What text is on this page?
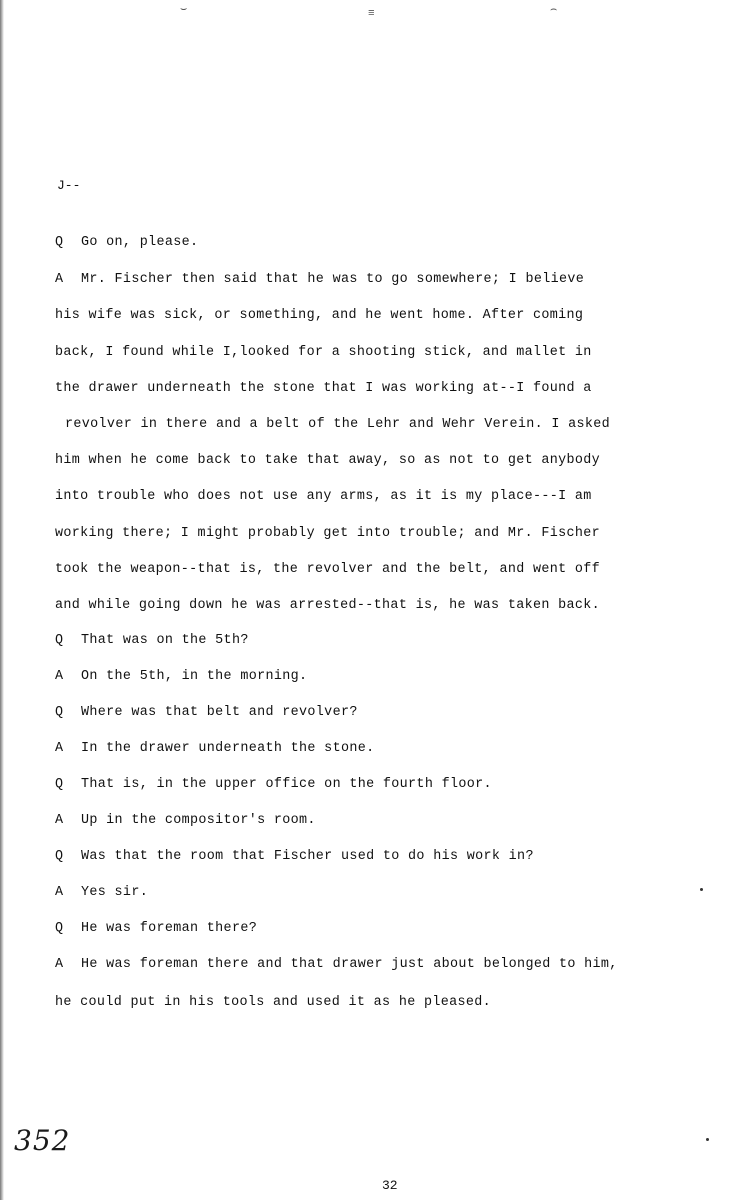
⌣	≡	⌢
J--
Q Go on, please.
A Mr. Fischer then said that he was to go somewhere; I believe
his wife was sick, or something, and he went home. After coming
back, I found while I,looked for a shooting stick, and mallet in
the drawer underneath the stone that I was working at--I found a
revolver in there and a belt of the Lehr and Wehr Verein. I asked
him when he come back to take that away, so as not to get anybody
into trouble who does not use any arms, as it is my place---I am
working there; I might probably get into trouble; and Mr. Fischer
took the weapon--that is, the revolver and the belt, and went off
and while going down he was arrested--that is, he was taken back.
Q That was on the 5th?
A On the 5th, in the morning.
Q Where was that belt and revolver?
A In the drawer underneath the stone.
Q That is, in the upper office on the fourth floor.
A Up in the compositor's room.
Q Was that the room that Fischer used to do his work in?
A Yes sir.
Q He was foreman there?
A He was foreman there and that drawer just about belonged to him,
he could put in his tools and used it as he pleased.
352
32
